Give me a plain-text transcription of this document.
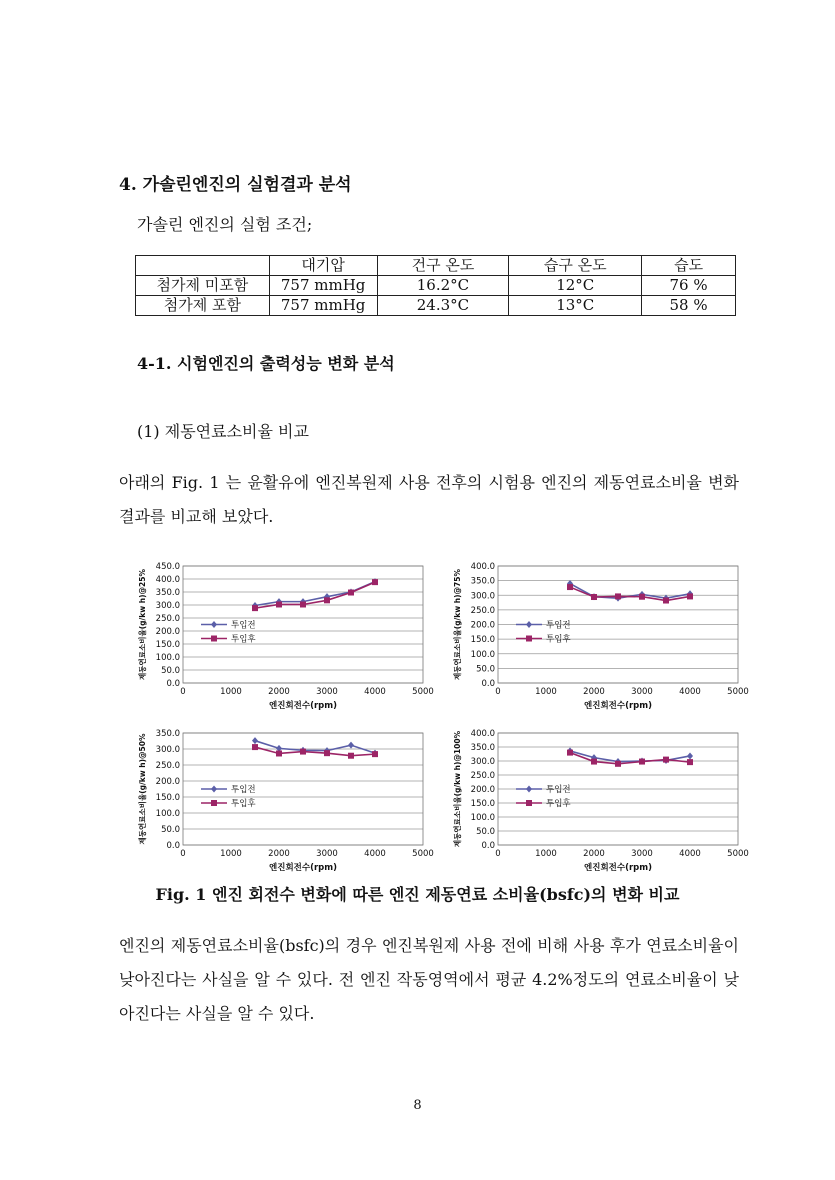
4. 가솔린엔진의 실험결과 분석
가솔린 엔진의 실험 조건;
	대기압	건구 온도	습구 온도	습도
첨가제 미포함	757 mmHg	16.2°C	12°C	76 %
첨가제 포함	757 mmHg	24.3°C	13°C	58 %
4-1. 시험엔진의 출력성능 변화 분석
(1) 제동연료소비율 비교
아래의 Fig. 1 는 윤활유에 엔진복원제 사용 전후의 시험용 엔진의 제동연료소비율 변화 결과를 비교해 보았다.
0.0
50.0
100.0
150.0
200.0
250.0
300.0
350.0
400.0
450.0
0	1000	2000	3000	4000	5000
엔진회전수(rpm)
제동연료소비율(g/kw h)@25%	투입전
투입후
0.0
50.0
100.0
150.0
200.0
250.0
300.0
350.0
400.0
0	1000	2000	3000	4000	5000
엔진회전수(rpm)
제동연료소비율(g/kw h)@75%	투입전
투입후
0.0
50.0
100.0
150.0
200.0
250.0
300.0
350.0
0	1000	2000	3000	4000	5000
엔진회전수(rpm)
제동연료소비율(g/kw h)@50%	투입전
투입후
0.0
50.0
100.0
150.0
200.0
250.0
300.0
350.0
400.0
0	1000	2000	3000	4000	5000
엔진회전수(rpm)
제동연료소비율(g/kw h)@100%	투입전
투입후
Fig. 1 엔진 회전수 변화에 따른 엔진 제동연료 소비율(bsfc)의 변화 비교
엔진의 제동연료소비율(bsfc)의 경우 엔진복원제 사용 전에 비해 사용 후가 연료소비율이 낮아진다는 사실을 알 수 있다. 전 엔진 작동영역에서 평균 4.2%정도의 연료소비율이 낮아진다는 사실을 알 수 있다.
8
